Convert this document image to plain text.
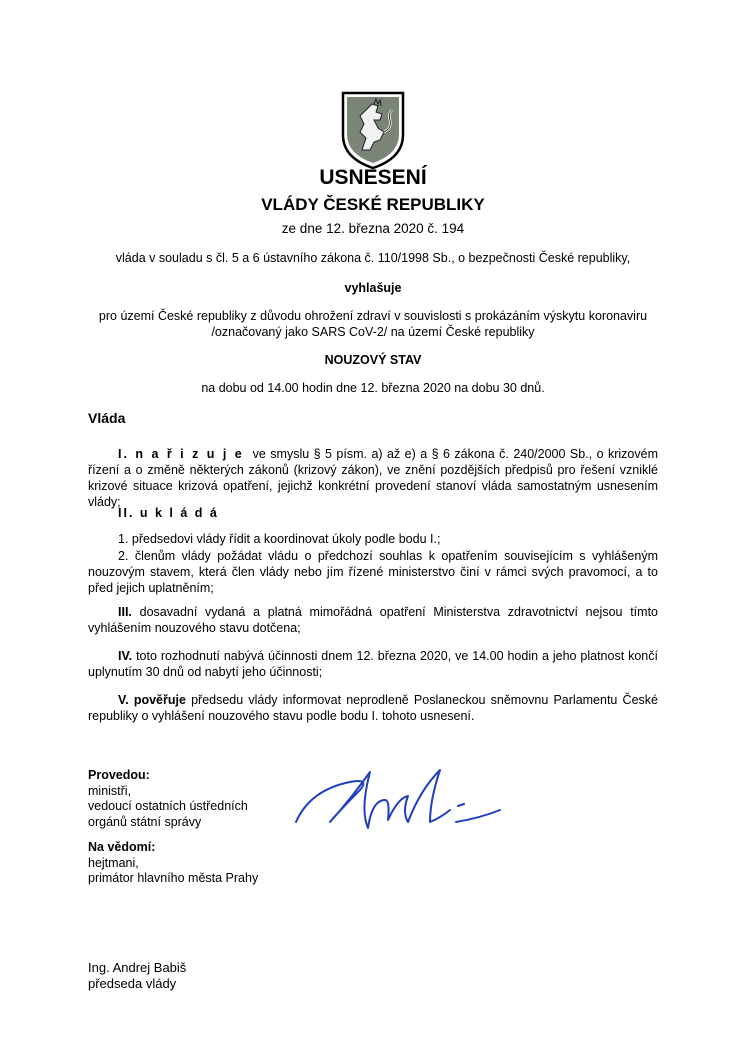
USNESENÍ
VLÁDY ČESKÉ REPUBLIKY
ze dne 12. března 2020 č. 194
vláda v souladu s čl. 5 a 6 ústavního zákona č. 110/1998 Sb., o bezpečnosti České republiky,
vyhlašuje
pro území České republiky z důvodu ohrožení zdraví v souvislosti s prokázáním výskytu koronaviru
/označovaný jako SARS CoV-2/ na území České republiky
NOUZOVÝ STAV
na dobu od 14.00 hodin dne 12. března 2020 na dobu 30 dnů.
Vláda
I. n a ř i z u j e ve smyslu § 5 písm. a) až e) a § 6 zákona č. 240/2000 Sb., o krizovém řízení a o změně některých zákonů (krizový zákon), ve znění pozdějších předpisů pro řešení vzniklé krizové situace krizová opatření, jejichž konkrétní provedení stanoví vláda samostatným usnesením vlády;
II. u k l á d á
1. předsedovi vlády řídit a koordinovat úkoly podle bodu I.;
2. členům vlády požádat vládu o předchozí souhlas k opatřením souvisejícím s vyhlášeným nouzovým stavem, která člen vlády nebo jím řízené ministerstvo činí v rámci svých pravomocí, a to před jejich uplatněním;
III. dosavadní vydaná a platná mimořádná opatření Ministerstva zdravotnictví nejsou tímto vyhlášením nouzového stavu dotčena;
IV. toto rozhodnutí nabývá účinnosti dnem 12. března 2020, ve 14.00 hodin a jeho platnost končí uplynutím 30 dnů od nabytí jeho účinnosti;
V. pověřuje předsedu vlády informovat neprodleně Poslaneckou sněmovnu Parlamentu České republiky o vyhlášení nouzového stavu podle bodu I. tohoto usnesení.
Provedou:
ministři,
vedoucí ostatních ústředních
orgánů státní správy
Na vědomí:
hejtmani,
primátor hlavního města Prahy
Ing. Andrej Babiš
předseda vlády
